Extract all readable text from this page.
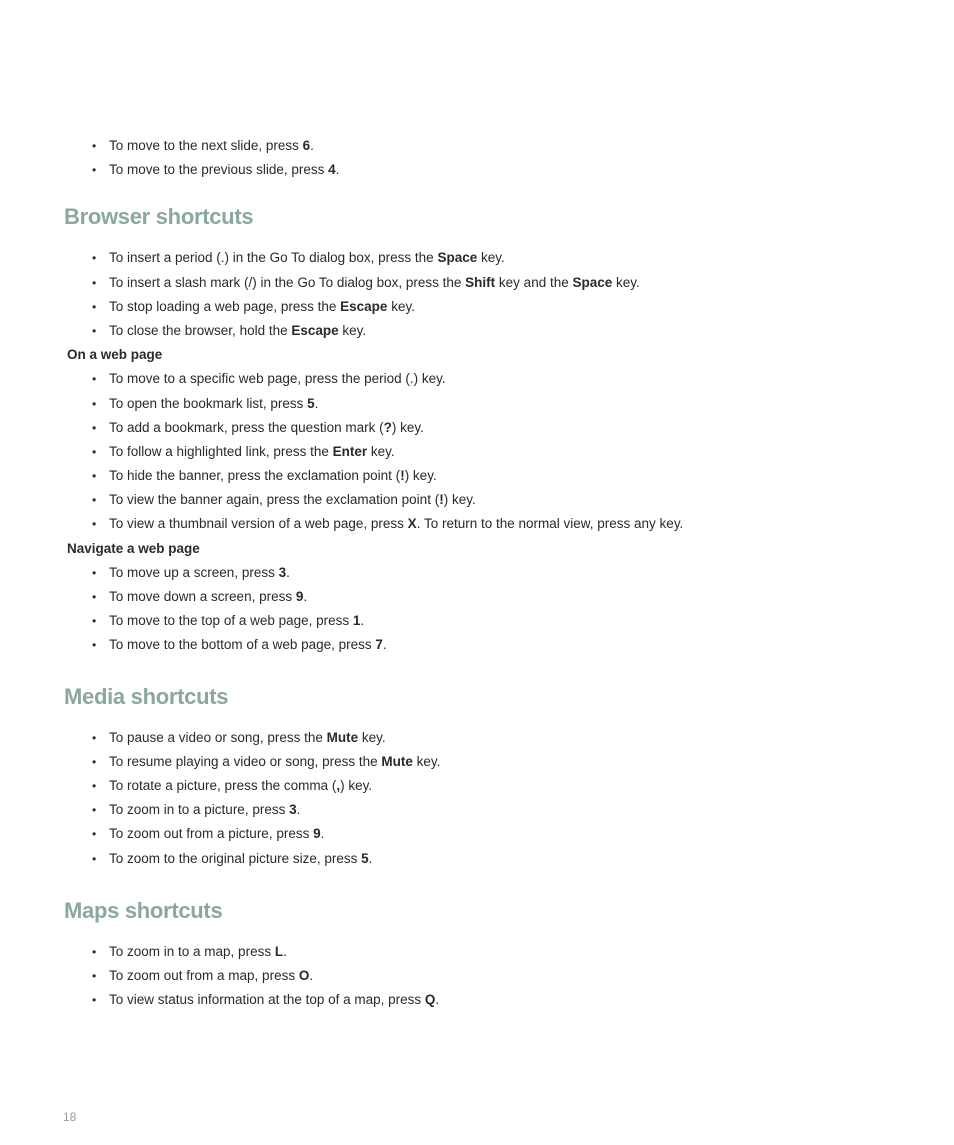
• To move to the next slide, press 6.
• To move to the previous slide, press 4.
Browser shortcuts
• To insert a period (.) in the Go To dialog box, press the Space key.
• To insert a slash mark (/) in the Go To dialog box, press the Shift key and the Space key.
• To stop loading a web page, press the Escape key.
• To close the browser, hold the Escape key.
On a web page
• To move to a specific web page, press the period (.) key.
• To open the bookmark list, press 5.
• To add a bookmark, press the question mark (?) key.
• To follow a highlighted link, press the Enter key.
• To hide the banner, press the exclamation point (!) key.
• To view the banner again, press the exclamation point (!) key.
• To view a thumbnail version of a web page, press X. To return to the normal view, press any key.
Navigate a web page
• To move up a screen, press 3.
• To move down a screen, press 9.
• To move to the top of a web page, press 1.
• To move to the bottom of a web page, press 7.
Media shortcuts
• To pause a video or song, press the Mute key.
• To resume playing a video or song, press the Mute key.
• To rotate a picture, press the comma (,) key.
• To zoom in to a picture, press 3.
• To zoom out from a picture, press 9.
• To zoom to the original picture size, press 5.
Maps shortcuts
• To zoom in to a map, press L.
• To zoom out from a map, press O.
• To view status information at the top of a map, press Q.
18
